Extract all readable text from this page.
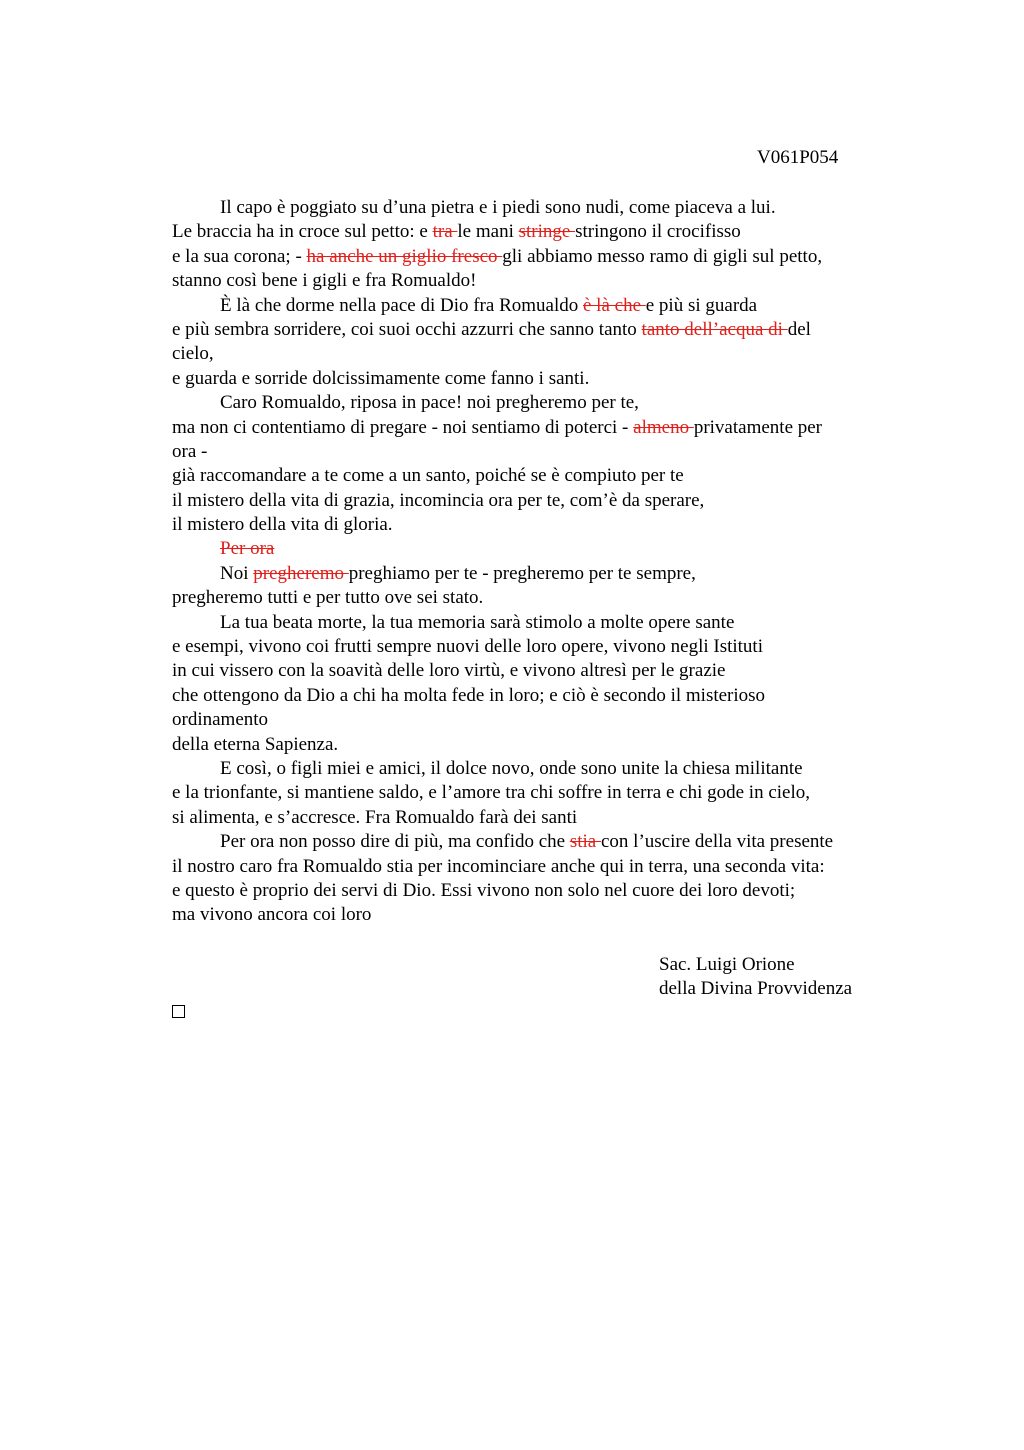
V061P054
Il capo è poggiato su d’una pietra e i piedi sono nudi, come piaceva a lui.
Le braccia ha in croce sul petto: e tra le mani stringe stringono il crocifisso
e la sua corona; - ha anche un giglio fresco gli abbiamo messo ramo di gigli sul petto,
stanno così bene i gigli e fra Romualdo!
È là che dorme nella pace di Dio fra Romualdo è là che e più si guarda
e più sembra sorridere, coi suoi occhi azzurri che sanno tanto tanto dell’acqua di del
cielo,
e guarda e sorride dolcissimamente come fanno i santi.
Caro Romualdo, riposa in pace! noi pregheremo per te,
ma non ci contentiamo di pregare - noi sentiamo di poterci - almeno privatamente per
ora -
già raccomandare a te come a un santo, poiché se è compiuto per te
il mistero della vita di grazia, incomincia ora per te, com’è da sperare,
il mistero della vita di gloria.
Per ora
Noi pregheremo preghiamo per te - pregheremo per te sempre,
pregheremo tutti e per tutto ove sei stato.
La tua beata morte, la tua memoria sarà stimolo a molte opere sante
e esempi, vivono coi frutti sempre nuovi delle loro opere, vivono negli Istituti
in cui vissero con la soavità delle loro virtù, e vivono altresì per le grazie
che ottengono da Dio a chi ha molta fede in loro; e ciò è secondo il misterioso
ordinamento
della eterna Sapienza.
E così, o figli miei e amici, il dolce novo, onde sono unite la chiesa militante
e la trionfante, si mantiene saldo, e l’amore tra chi soffre in terra e chi gode in cielo,
si alimenta, e s’accresce. Fra Romualdo farà dei santi
Per ora non posso dire di più, ma confido che stia con l’uscire della vita presente
il nostro caro fra Romualdo stia per incominciare anche qui in terra, una seconda vita:
e questo è proprio dei servi di Dio. Essi vivono non solo nel cuore dei loro devoti;
ma vivono ancora coi loro
Sac. Luigi Orione
della Divina Provvidenza
